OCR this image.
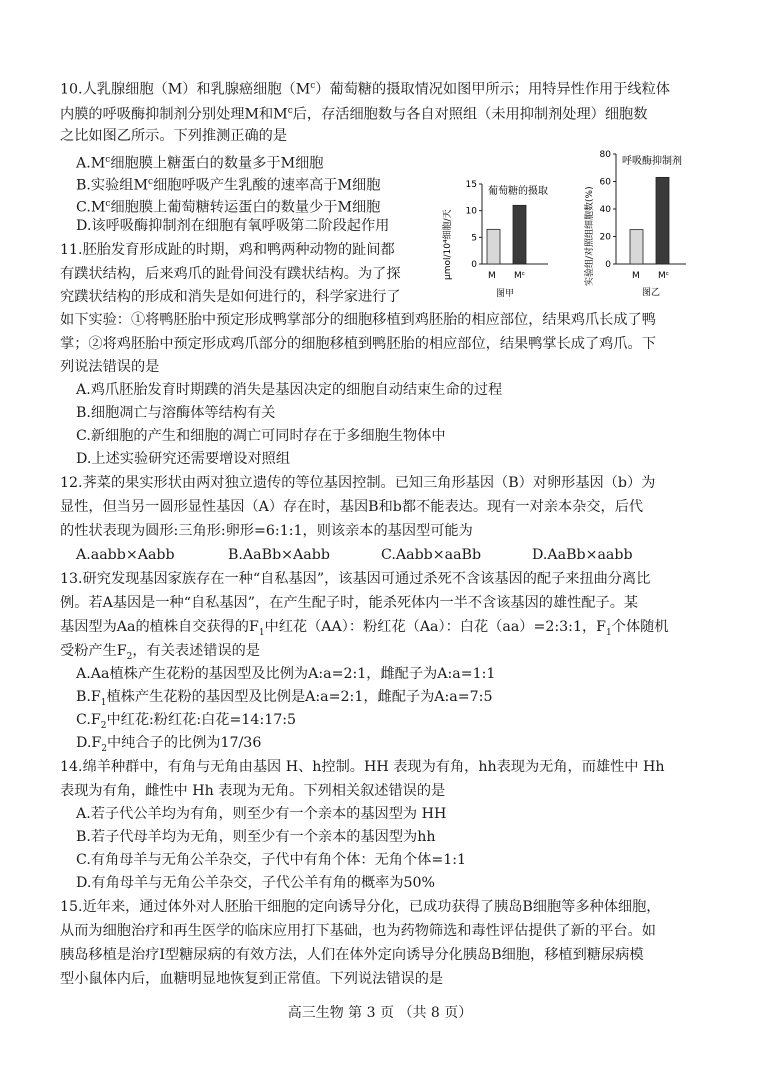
10.人乳腺细胞（M）和乳腺癌细胞$(M^c)$葡萄糖的摄取情况如图甲所示；用特异性作用于线粒体
内膜的呼吸酶抑制剂分别处理M和$M^c$后，存活细胞数与各自对照组（未用抑制剂处理）细胞数
之比如图乙所示。下列推测正确的是
$A.M^c$细胞膜上糖蛋白的数量多于M细胞
B.实验组$M^c$细胞呼吸产生乳酸的速率高于M细胞
$C.M^c$细胞膜上葡萄糖转运蛋白的数量少于M细胞
D.该呼吸酶抑制剂在细胞有氧呼吸第二阶段起作用
葡萄糖的摄取
μmol/10⁴细胞/天 0
5
10
15
M Mᶜ
图甲
呼吸酶抑制剂
实验组/对照组细胞数(%) 0
20
40
60
80
M Mᶜ
图乙
11.胚胎发育形成趾的时期，鸡和鸭两种动物的趾间都
有蹼状结构，后来鸡爪的趾骨间没有蹼状结构。为了探
究蹼状结构的形成和消失是如何进行的，科学家进行了
如下实验：①将鸭胚胎中预定形成鸭掌部分的细胞移植到鸡胚胎的相应部位，结果鸡爪长成了鸭
掌；②将鸡胚胎中预定形成鸡爪部分的细胞移植到鸭胚胎的相应部位，结果鸭掌长成了鸡爪。下
列说法错误的是
A.鸡爪胚胎发育时期蹼的消失是基因决定的细胞自动结束生命的过程
B.细胞凋亡与溶酶体等结构有关
C.新细胞的产生和细胞的凋亡可同时存在于多细胞生物体中
D.上述实验研究还需要增设对照组
12.荠菜的果实形状由两对独立遗传的等位基因控制。已知三角形基因（B）对卵形基因（b）为
显性，但当另一圆形显性基因（A）存在时，基因B和b都不能表达。现有一对亲本杂交，后代
的性状表现为圆形:三角形:卵形=6:1:1，则该亲本的基因型可能为
A.aabb×Aabb	B.AaBb×Aabb	C.Aabb×aaBb	D.AaBb×aabb
13.研究发现基因家族存在一种“自私基因”，该基因可通过杀死不含该基因的配子来扭曲分离比
例。若A基因是一种“自私基因”，在产生配子时，能杀死体内一半不含该基因的雄性配子。某
基因型为Aa的植株自交获得的$F_1$中红花（AA）：粉红花（Aa）：白花（aa）=2:3:1，$F_1$个体随机
受粉产生$F_2$，有关表述错误的是
A.Aa植株产生花粉的基因型及比例为A:a=2:1，雌配子为A:a=1:1
$B.F_1$植株产生花粉的基因型及比例是A:a=2:1，雌配子为A:a=7:5
$C.F_2$中红花:粉红花:白花=14:17:5
$D.F_2$中纯合子的比例为17/36
14.绵羊种群中，有角与无角由基因 H、h控制。HH 表现为有角，hh表现为无角，而雄性中 Hh
表现为有角，雌性中 Hh 表现为无角。下列相关叙述错误的是
A.若子代公羊均为有角，则至少有一个亲本的基因型为 HH
B.若子代母羊均为无角，则至少有一个亲本的基因型为hh
C.有角母羊与无角公羊杂交，子代中有角个体：无角个体=1:1
D.有角母羊与无角公羊杂交，子代公羊有角的概率为50%
15.近年来，通过体外对人胚胎干细胞的定向诱导分化，已成功获得了胰岛B细胞等多种体细胞，
从而为细胞治疗和再生医学的临床应用打下基础，也为药物筛选和毒性评估提供了新的平台。如
胰岛移植是治疗Ⅰ型糖尿病的有效方法，人们在体外定向诱导分化胰岛B细胞，移植到糖尿病模
型小鼠体内后，血糖明显地恢复到正常值。下列说法错误的是
高三生物 第 3 页 （共 8 页）
